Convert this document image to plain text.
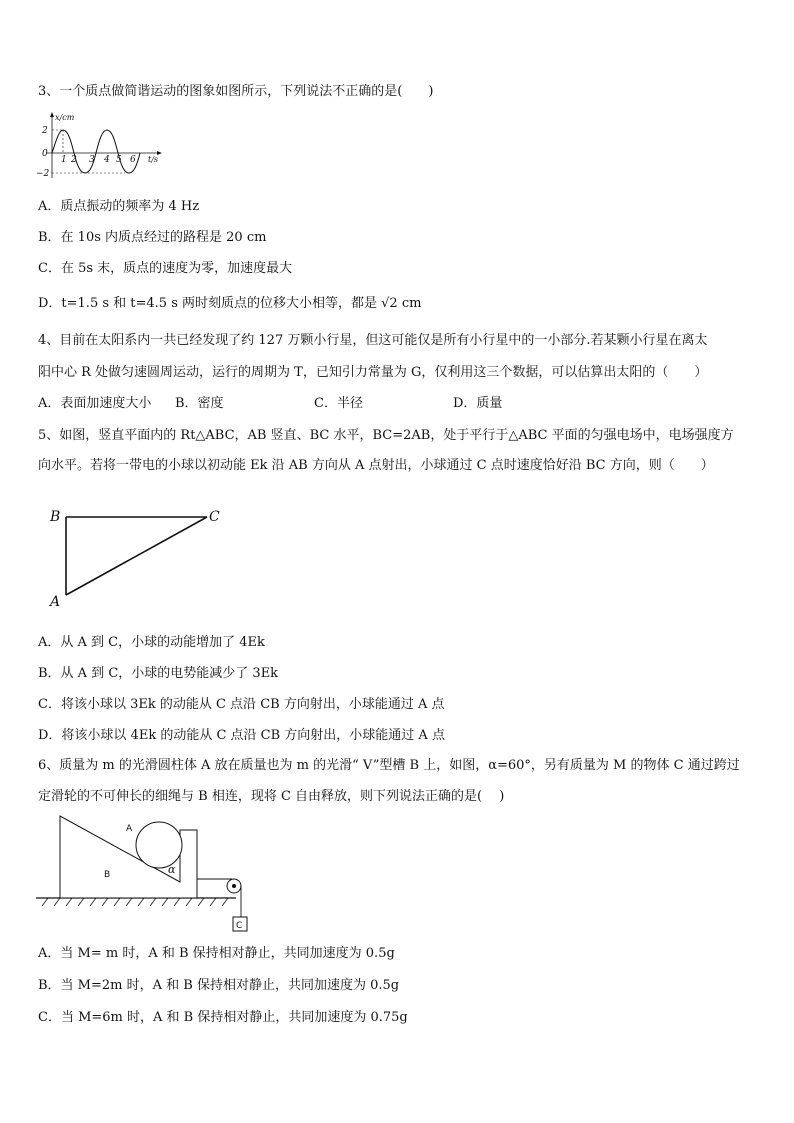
3、一个质点做简谐运动的图象如图所示，下列说法不正确的是(　　)
x/cm
t/s
2
0
−2
1 2 3 4 5 6
A．质点振动的频率为 4 Hz
B．在 10s 内质点经过的路程是 20 cm
C．在 5s 末，质点的速度为零，加速度最大
D．t=1.5 s 和 t=4.5 s 两时刻质点的位移大小相等，都是 √2 cm
4、目前在太阳系内一共已经发现了约 127 万颗小行星，但这可能仅是所有小行星中的一小部分.若某颗小行星在离太
阳中心 R 处做匀速圆周运动，运行的周期为 T，已知引力常量为 G，仅利用这三个数据，可以估算出太阳的（　　）
A．表面加速度大小 B．密度	C．半径	D．质量
5、如图，竖直平面内的 Rt△ABC，AB 竖直、BC 水平，BC=2AB，处于平行于△ABC 平面的匀强电场中，电场强度方
向水平。若将一带电的小球以初动能 Ek 沿 AB 方向从 A 点射出，小球通过 C 点时速度恰好沿 BC 方向，则（　　）
B	C
A
A．从 A 到 C，小球的动能增加了 4Ek
B．从 A 到 C，小球的电势能减少了 3Ek
C．将该小球以 3Ek 的动能从 C 点沿 CB 方向射出，小球能通过 A 点
D．将该小球以 4Ek 的动能从 C 点沿 CB 方向射出，小球能通过 A 点
6、质量为 m 的光滑圆柱体 A 放在质量也为 m 的光滑“ V”型槽 B 上，如图，α=60°，另有质量为 M 的物体 C 通过跨过
定滑轮的不可伸长的细绳与 B 相连，现将 C 自由释放，则下列说法正确的是(　 )
A
B	α
C
A．当 M= m 时，A 和 B 保持相对静止，共同加速度为 0.5g
B．当 M=2m 时，A 和 B 保持相对静止，共同加速度为 0.5g
C．当 M=6m 时，A 和 B 保持相对静止，共同加速度为 0.75g
